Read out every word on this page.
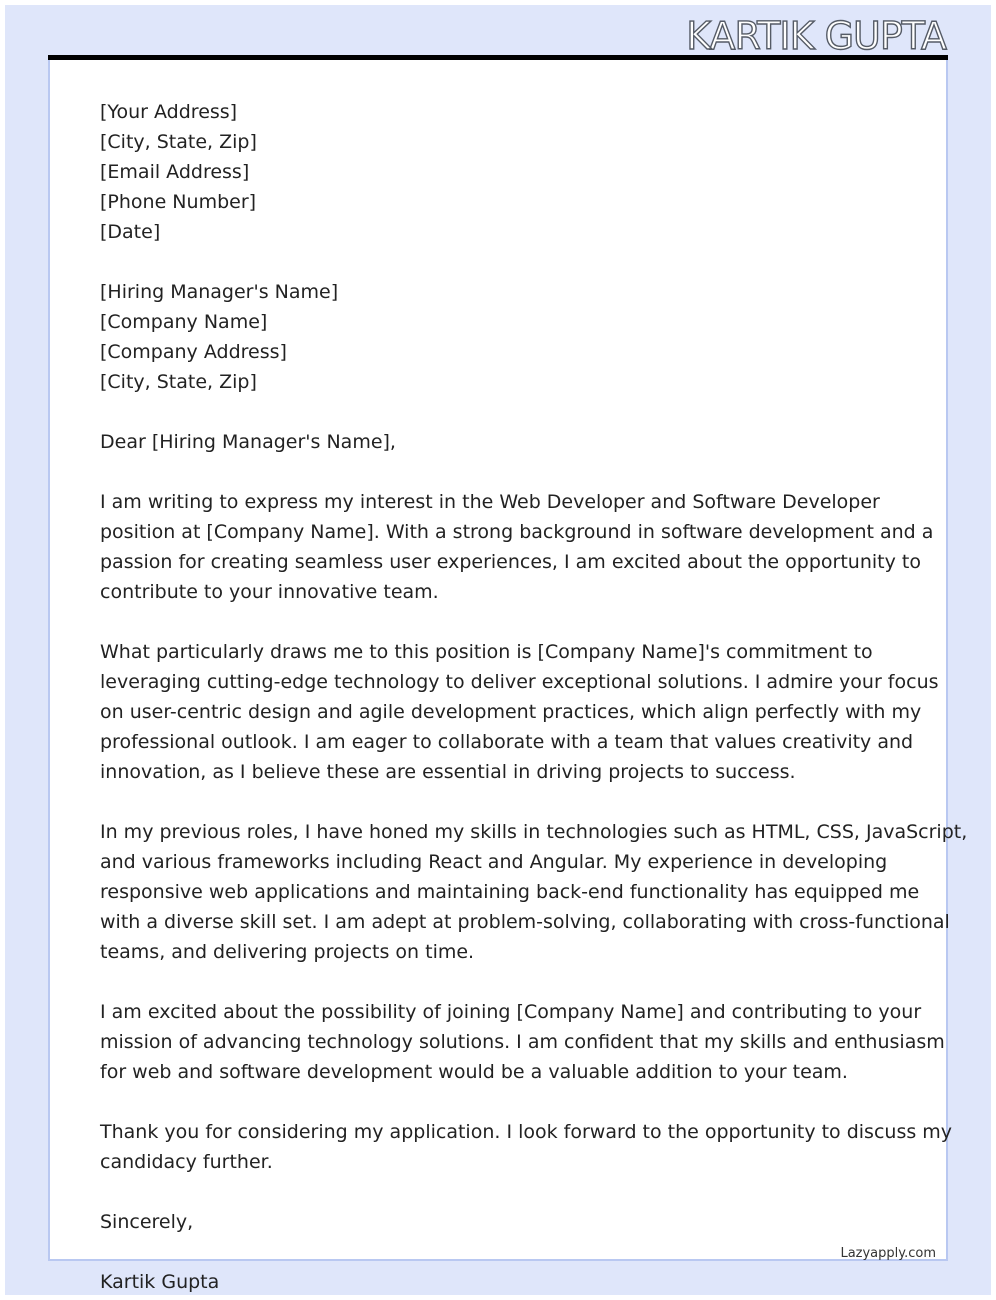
KARTIK GUPTA

[Your Address]
[City, State, Zip]
[Email Address]
[Phone Number]
[Date]

[Hiring Manager's Name]
[Company Name]
[Company Address]
[City, State, Zip]

Dear [Hiring Manager's Name],

I am writing to express my interest in the Web Developer and Software Developer
position at [Company Name]. With a strong background in software development and a
passion for creating seamless user experiences, I am excited about the opportunity to
contribute to your innovative team.

What particularly draws me to this position is [Company Name]'s commitment to
leveraging cutting-edge technology to deliver exceptional solutions. I admire your focus
on user-centric design and agile development practices, which align perfectly with my
professional outlook. I am eager to collaborate with a team that values creativity and
innovation, as I believe these are essential in driving projects to success.

In my previous roles, I have honed my skills in technologies such as HTML, CSS, JavaScript,
and various frameworks including React and Angular. My experience in developing
responsive web applications and maintaining back-end functionality has equipped me
with a diverse skill set. I am adept at problem-solving, collaborating with cross-functional
teams, and delivering projects on time.

I am excited about the possibility of joining [Company Name] and contributing to your
mission of advancing technology solutions. I am confident that my skills and enthusiasm
for web and software development would be a valuable addition to your team.

Thank you for considering my application. I look forward to the opportunity to discuss my
candidacy further.

Sincerely,

Lazyapply.com
Kartik Gupta
